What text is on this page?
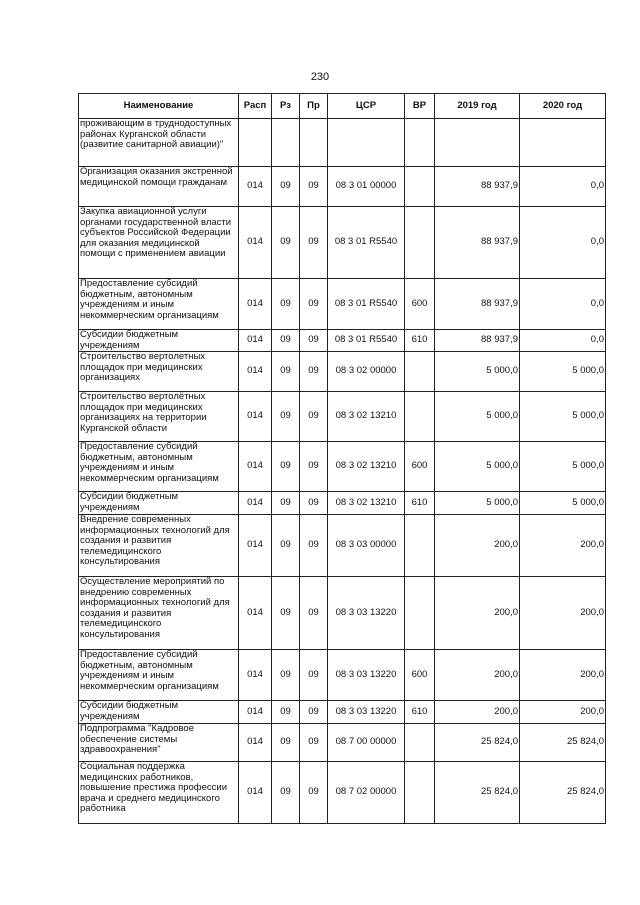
230
Наименование	Расп	Рз	Пр	ЦСР	ВР	2019 год	2020 год
проживающим в труднодоступных районах Курганской области (развитие санитарной авиации)"							
Организация оказания экстренной медицинской помощи гражданам	014	09	09	08 3 01 00000		88 937,9	0,0
Закупка авиационной услуги органами государственной власти субъектов Российской Федерации для оказания медицинской помощи с применением авиации	014	09	09	08 3 01 R5540		88 937,9	0,0
Предоставление субсидий бюджетным, автономным учреждениям и иным некоммерческим организациям	014	09	09	08 3 01 R5540	600	88 937,9	0,0
Субсидии бюджетным учреждениям	014	09	09	08 3 01 R5540	610	88 937,9	0,0
Строительство вертолетных площадок при медицинских организациях	014	09	09	08 3 02 00000		5 000,0	5 000,0
Строительство вертолётных площадок при медицинских организациях на территории Курганской области	014	09	09	08 3 02 13210		5 000,0	5 000,0
Предоставление субсидий бюджетным, автономным учреждениям и иным некоммерческим организациям	014	09	09	08 3 02 13210	600	5 000,0	5 000,0
Субсидии бюджетным учреждениям	014	09	09	08 3 02 13210	610	5 000,0	5 000,0
Внедрение современных информационных технологий для создания и развития телемедицинского консультирования	014	09	09	08 3 03 00000		200,0	200,0
Осуществление мероприятий по внедрению современных информационных технологий для создания и развития телемедицинского консультирования	014	09	09	08 3 03 13220		200,0	200,0
Предоставление субсидий бюджетным, автономным учреждениям и иным некоммерческим организациям	014	09	09	08 3 03 13220	600	200,0	200,0
Субсидии бюджетным учреждениям	014	09	09	08 3 03 13220	610	200,0	200,0
Подпрограмма "Кадровое обеспечение системы здравоохранения"	014	09	09	08 7 00 00000		25 824,0	25 824,0
Социальная поддержка медицинских работников, повышение престижа профессии врача и среднего медицинского работника	014	09	09	08 7 02 00000		25 824,0	25 824,0
